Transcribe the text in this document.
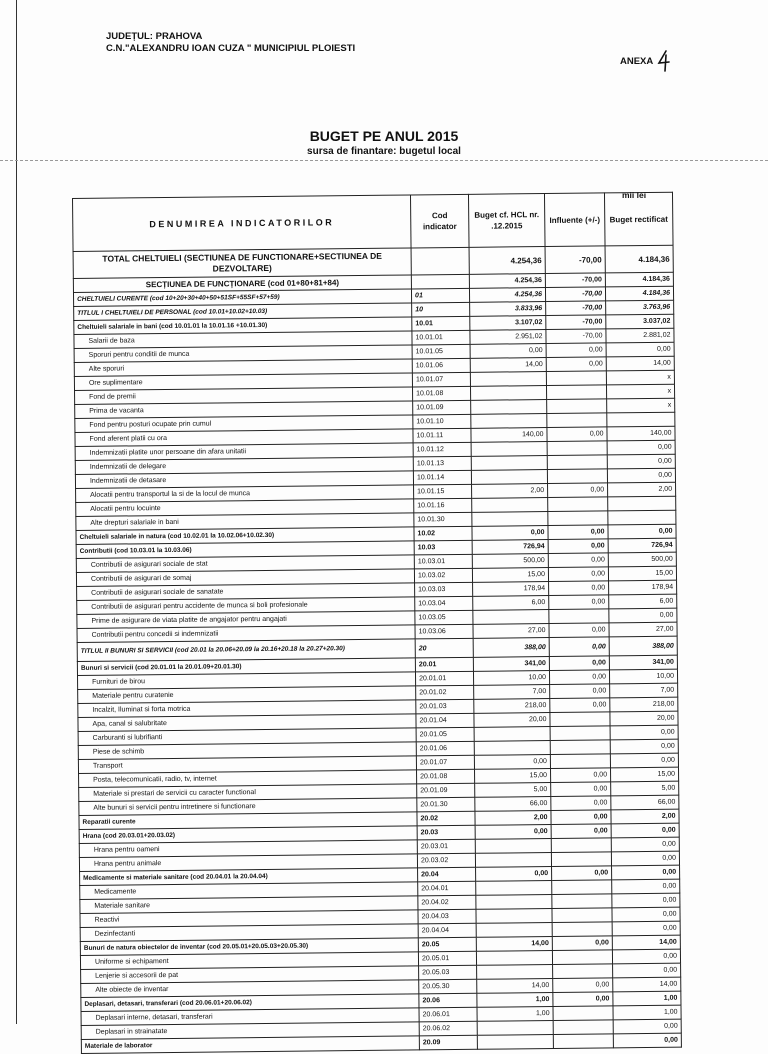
JUDEȚUL: PRAHOVA
C.N."ALEXANDRU IOAN CUZA " MUNICIPIUL PLOIESTI
ANEXA
BUGET PE ANUL 2015
sursa de finantare: bugetul local
mii lei
DENUMIREA INDICATORILOR	Cod indicator	Buget cf. HCL nr. .12.2015	Influente (+/-)	Buget rectificat
TOTAL CHELTUIELI (SECTIUNEA DE FUNCTIONARE+SECTIUNEA DE DEZVOLTARE)		4.254,36	-70,00	4.184,36
SECȚIUNEA DE FUNCȚIONARE (cod 01+80+81+84)		4.254,36	-70,00	4.184,36
CHELTUIELI CURENTE (cod 10+20+30+40+50+51SF+55SF+57+59)	01	4.254,36	-70,00	4.184,36
TITLUL I CHELTUIELI DE PERSONAL (cod 10.01+10.02+10.03)	10	3.833,96	-70,00	3.763,96
Cheltuieli salariale in bani (cod 10.01.01 la 10.01.16 +10.01.30)	10.01	3.107,02	-70,00	3.037,02
Salarii de baza	10.01.01	2.951,02	-70,00	2.881,02
Sporuri pentru conditii de munca	10.01.05	0,00	0,00	0,00
Alte sporuri	10.01.06	14,00	0,00	14,00
Ore suplimentare	10.01.07			x
Fond de premii	10.01.08			x
Prima de vacanta	10.01.09			x
Fond pentru posturi ocupate prin cumul	10.01.10			
Fond aferent platii cu ora	10.01.11	140,00	0,00	140,00
Indemnizatii platite unor persoane din afara unitatii	10.01.12			0,00
Indemnizatii de delegare	10.01.13			0,00
Indemnizatii de detasare	10.01.14			0,00
Alocatii pentru transportul la si de la locul de munca	10.01.15	2,00	0,00	2,00
Alocatii pentru locuinte	10.01.16			
Alte drepturi salariale in bani	10.01.30			
Cheltuieli salariale in natura (cod 10.02.01 la 10.02.06+10.02.30)	10.02	0,00	0,00	0,00
Contributii (cod 10.03.01 la 10.03.06)	10.03	726,94	0,00	726,94
Contributii de asigurari sociale de stat	10.03.01	500,00	0,00	500,00
Contributii de asigurari de somaj	10.03.02	15,00	0,00	15,00
Contributii de asigurari sociale de sanatate	10.03.03	178,94	0,00	178,94
Contributii de asigurari pentru accidente de munca si boli profesionale	10.03.04	6,00	0,00	6,00
Prime de asigurare de viata platite de angajator pentru angajati	10.03.05			0,00
Contributii pentru concedii si indemnizatii	10.03.06	27,00	0,00	27,00
TITLUL II BUNURI SI SERVICII (cod 20.01 la 20.06+20.09 la 20.16+20.18 la 20.27+20.30)	20	388,00	0,00	388,00
Bunuri si servicii (cod 20.01.01 la 20.01.09+20.01.30)	20.01	341,00	0,00	341,00
Furnituri de birou	20.01.01	10,00	0,00	10,00
Materiale pentru curatenie	20.01.02	7,00	0,00	7,00
Incalzit, Iluminat si forta motrica	20.01.03	218,00	0,00	218,00
Apa, canal si salubritate	20.01.04	20,00		20,00
Carburanti si lubrifianti	20.01.05			0,00
Piese de schimb	20.01.06			0,00
Transport	20.01.07	0,00		0,00
Posta, telecomunicatii, radio, tv, internet	20.01.08	15,00	0,00	15,00
Materiale si prestari de servicii cu caracter functional	20.01.09	5,00	0,00	5,00
Alte bunuri si servicii pentru intretinere si functionare	20.01.30	66,00	0,00	66,00
Reparatii curente	20.02	2,00	0,00	2,00
Hrana (cod 20.03.01+20.03.02)	20.03	0,00	0,00	0,00
Hrana pentru oameni	20.03.01			0,00
Hrana pentru animale	20.03.02			0,00
Medicamente si materiale sanitare (cod 20.04.01 la 20.04.04)	20.04	0,00	0,00	0,00
Medicamente	20.04.01			0,00
Materiale sanitare	20.04.02			0,00
Reactivi	20.04.03			0,00
Dezinfectanti	20.04.04			0,00
Bunuri de natura obiectelor de inventar (cod 20.05.01+20.05.03+20.05.30)	20.05	14,00	0,00	14,00
Uniforme si echipament	20.05.01			0,00
Lenjerie si accesorii de pat	20.05.03			0,00
Alte obiecte de inventar	20.05.30	14,00	0,00	14,00
Deplasari, detasari, transferari (cod 20.06.01+20.06.02)	20.06	1,00	0,00	1,00
Deplasari interne, detasari, transferari	20.06.01	1,00		1,00
Deplasari in strainatate	20.06.02			0,00
Materiale de laborator	20.09			0,00
